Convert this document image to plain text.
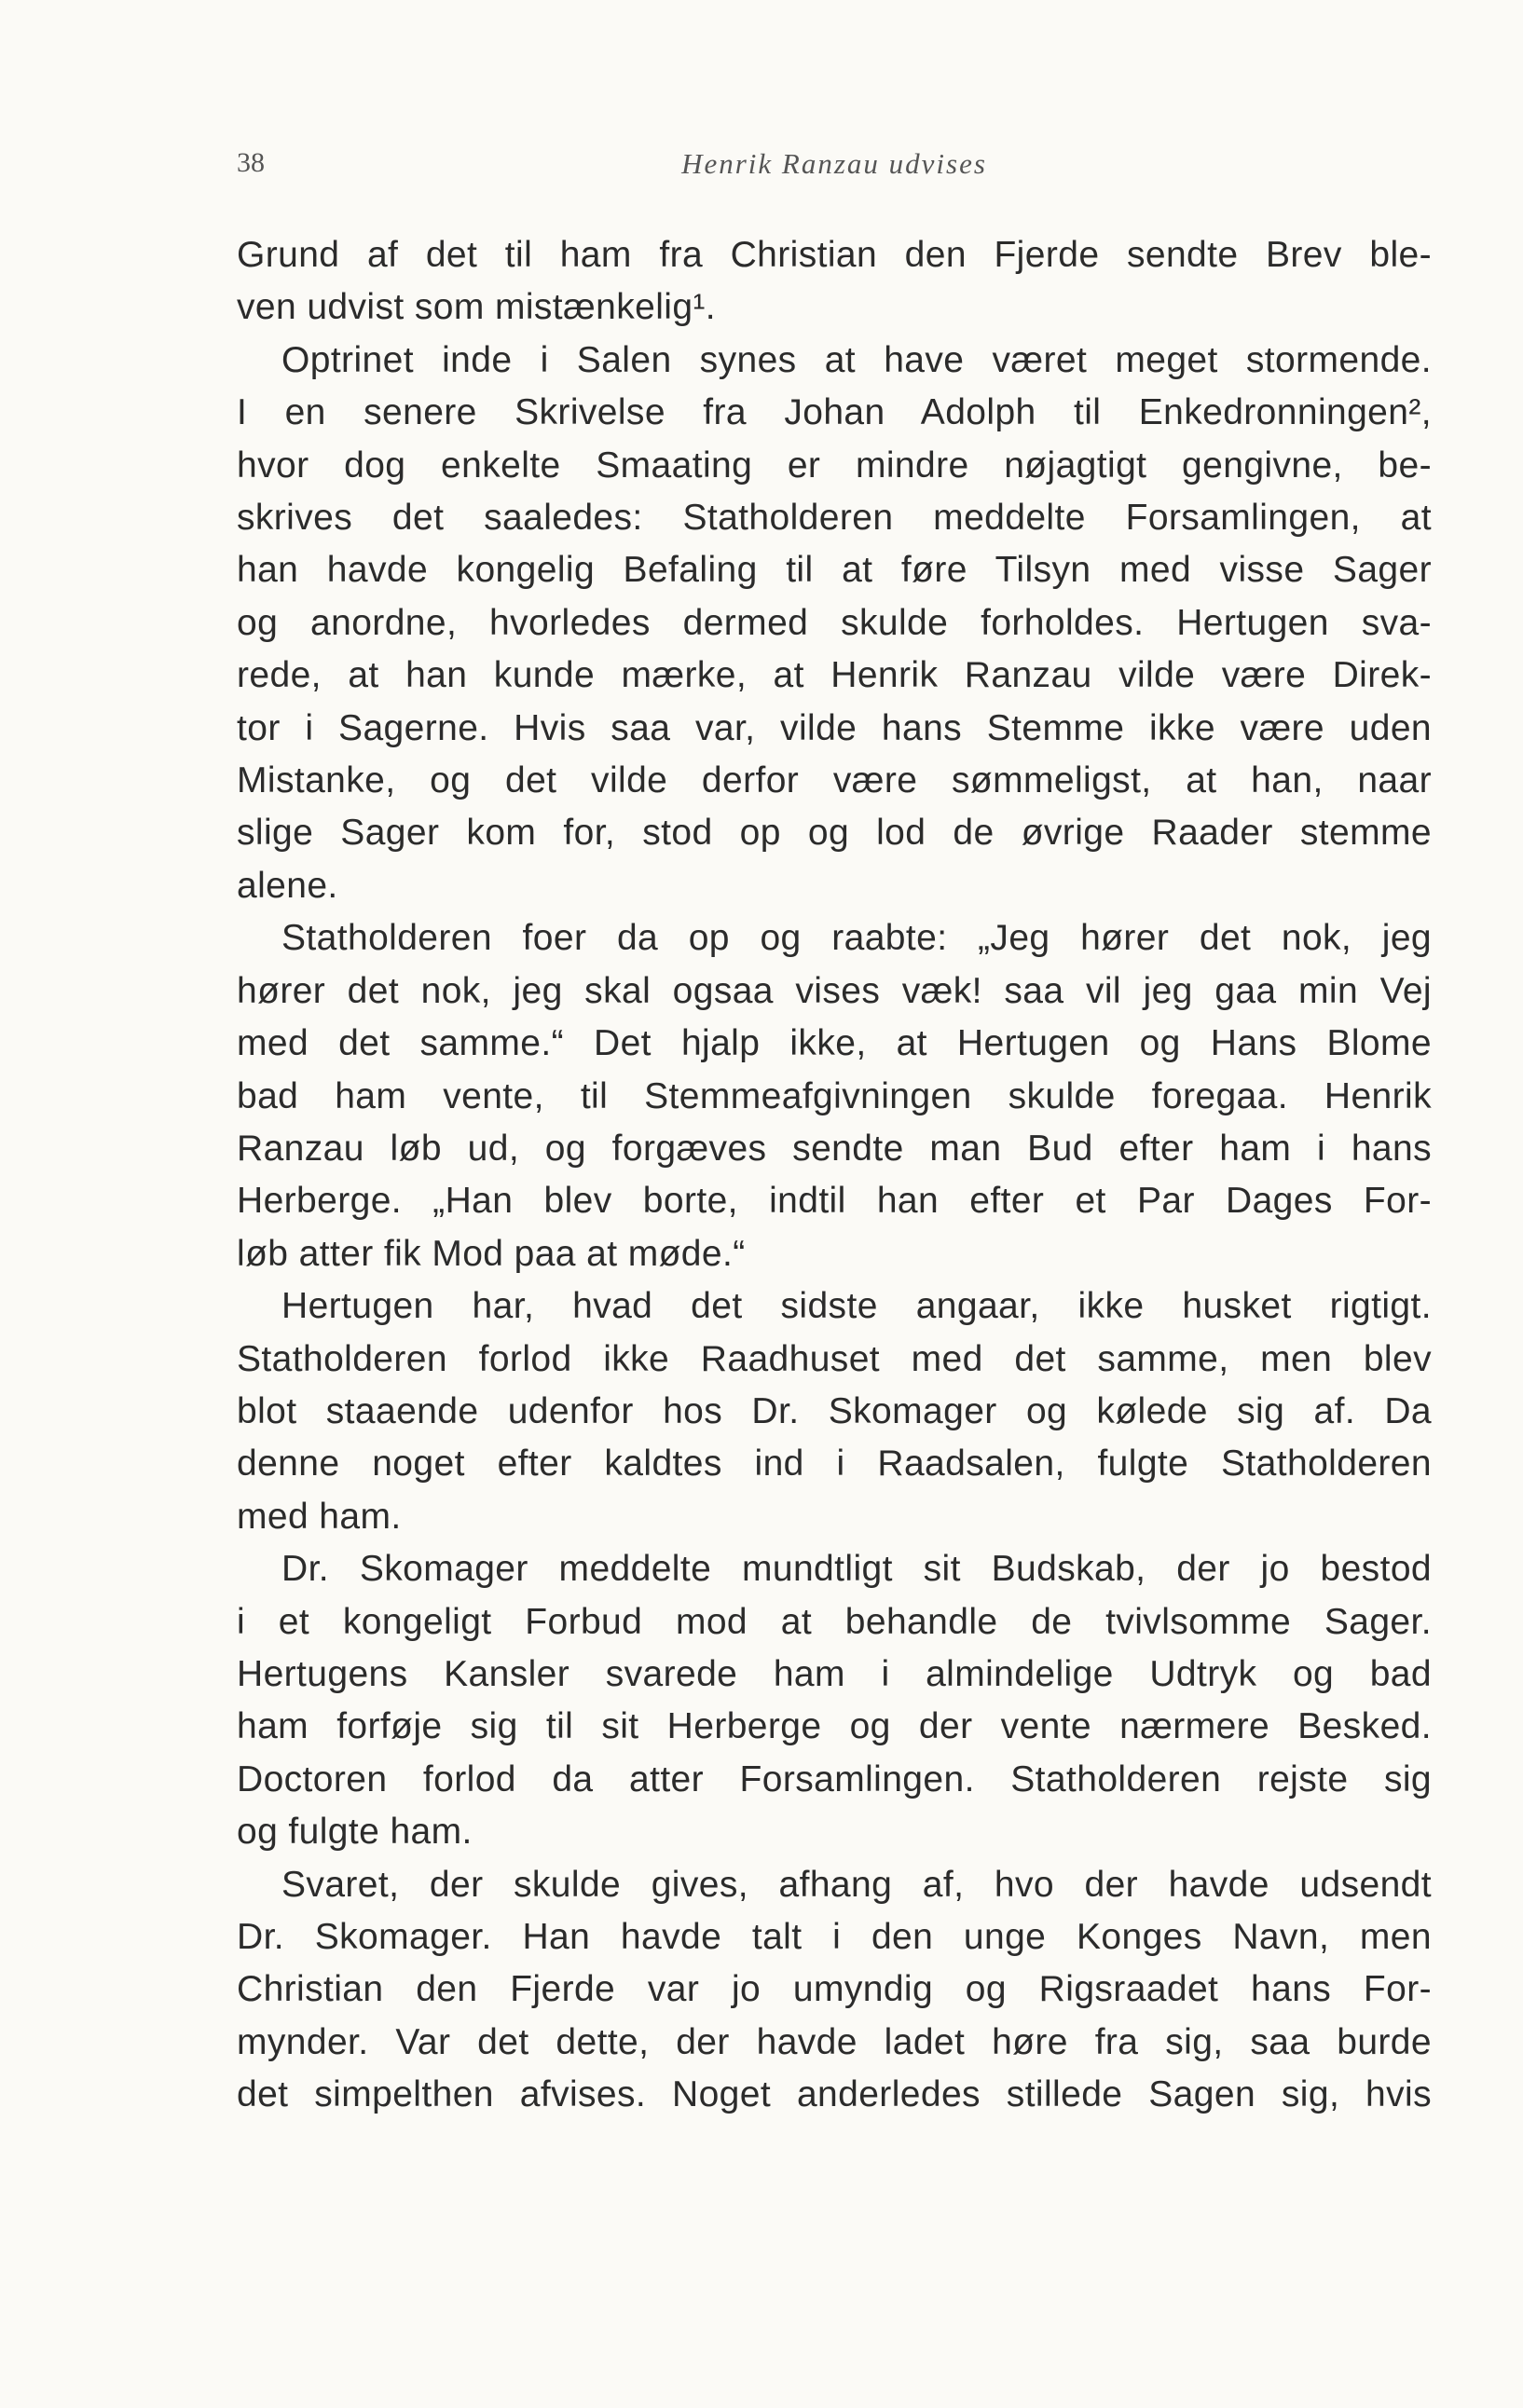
38	Henrik Ranzau udvises
Grund af det til ham fra Christian den Fjerde sendte Brev ble-
ven udvist som mistænkelig¹.
Optrinet inde i Salen synes at have været meget stormende.
I en senere Skrivelse fra Johan Adolph til Enkedronningen²,
hvor dog enkelte Smaating er mindre nøjagtigt gengivne, be-
skrives det saaledes: Statholderen meddelte Forsamlingen, at
han havde kongelig Befaling til at føre Tilsyn med visse Sager
og anordne, hvorledes dermed skulde forholdes. Hertugen sva-
rede, at han kunde mærke, at Henrik Ranzau vilde være Direk-
tor i Sagerne. Hvis saa var, vilde hans Stemme ikke være uden
Mistanke, og det vilde derfor være sømmeligst, at han, naar
slige Sager kom for, stod op og lod de øvrige Raader stemme
alene.
Statholderen foer da op og raabte: „Jeg hører det nok, jeg
hører det nok, jeg skal ogsaa vises væk! saa vil jeg gaa min Vej
med det samme.“ Det hjalp ikke, at Hertugen og Hans Blome
bad ham vente, til Stemmeafgivningen skulde foregaa. Henrik
Ranzau løb ud, og forgæves sendte man Bud efter ham i hans
Herberge. „Han blev borte, indtil han efter et Par Dages For-
løb atter fik Mod paa at møde.“
Hertugen har, hvad det sidste angaar, ikke husket rigtigt.
Statholderen forlod ikke Raadhuset med det samme, men blev
blot staaende udenfor hos Dr. Skomager og kølede sig af. Da
denne noget efter kaldtes ind i Raadsalen, fulgte Statholderen
med ham.
Dr. Skomager meddelte mundtligt sit Budskab, der jo bestod
i et kongeligt Forbud mod at behandle de tvivlsomme Sager.
Hertugens Kansler svarede ham i almindelige Udtryk og bad
ham forføje sig til sit Herberge og der vente nærmere Besked.
Doctoren forlod da atter Forsamlingen. Statholderen rejste sig
og fulgte ham.
Svaret, der skulde gives, afhang af, hvo der havde udsendt
Dr. Skomager. Han havde talt i den unge Konges Navn, men
Christian den Fjerde var jo umyndig og Rigsraadet hans For-
mynder. Var det dette, der havde ladet høre fra sig, saa burde
det simpelthen afvises. Noget anderledes stillede Sagen sig, hvis
